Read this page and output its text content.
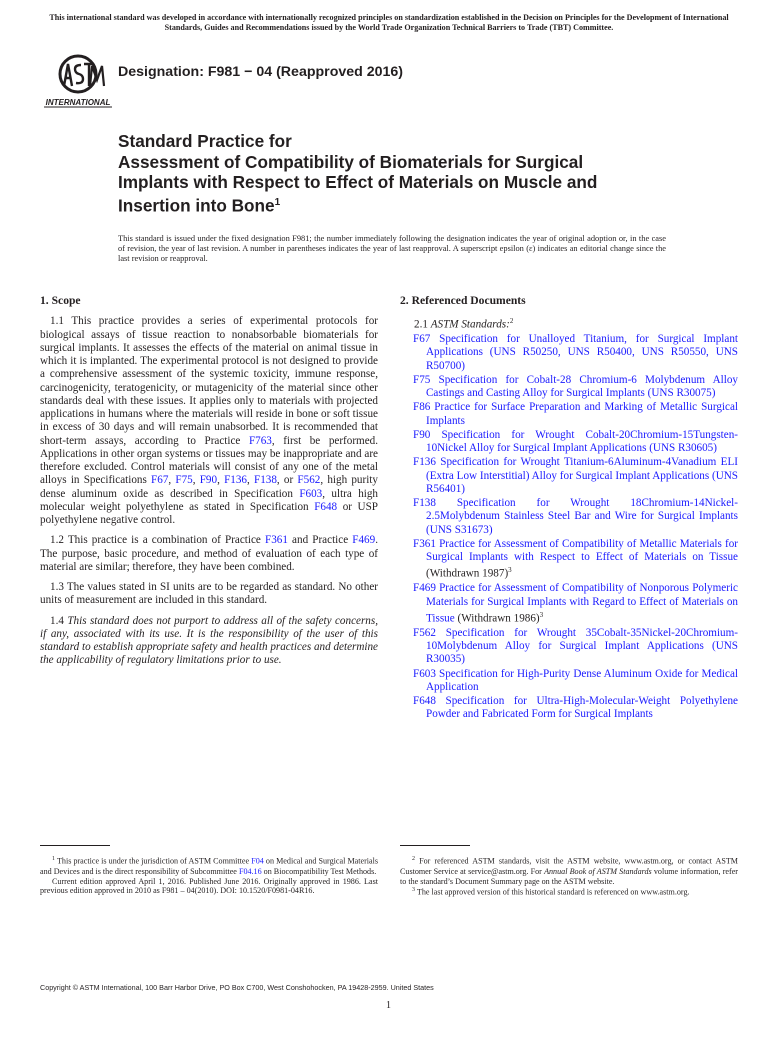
This international standard was developed in accordance with internationally recognized principles on standardization established in the Decision on Principles for the Development of International Standards, Guides and Recommendations issued by the World Trade Organization Technical Barriers to Trade (TBT) Committee.
INTERNATIONAL
Designation: F981 − 04 (Reapproved 2016)
Standard Practice for
Assessment of Compatibility of Biomaterials for Surgical
Implants with Respect to Effect of Materials on Muscle and
Insertion into Bone$^1$
This standard is issued under the fixed designation F981; the number immediately following the designation indicates the year of original adoption or, in the case of revision, the year of last revision. A number in parentheses indicates the year of last reapproval. A superscript epsilon (ε) indicates an editorial change since the last revision or reapproval.
1. Scope

1.1 This practice provides a series of experimental protocols for biological assays of tissue reaction to nonabsorbable biomaterials for surgical implants. It assesses the effects of the material on animal tissue in which it is implanted. The experimental protocol is not designed to provide a comprehensive assessment of the systemic toxicity, immune response, carcinogenicity, teratogenicity, or mutagenicity of the material since other standards deal with these issues. It applies only to materials with projected applications in humans where the materials will reside in bone or soft tissue in excess of 30 days and will remain unabsorbed. It is recommended that short-term assays, according to Practice F763, first be performed. Applications in other organ systems or tissues may be inappropriate and are therefore excluded. Control materials will consist of any one of the metal alloys in Specifications F67, F75, F90, F136, F138, or F562, high purity dense aluminum oxide as described in Specification F603, ultra high molecular weight polyethylene as stated in Specification F648 or USP polyethylene negative control.

1.2 This practice is a combination of Practice F361 and Practice F469. The purpose, basic procedure, and method of evaluation of each type of material are similar; therefore, they have been combined.

1.3 The values stated in SI units are to be regarded as standard. No other units of measurement are included in this standard.

1.4 This standard does not purport to address all of the safety concerns, if any, associated with its use. It is the responsibility of the user of this standard to establish appropriate safety and health practices and determine the applicability of regulatory limitations prior to use.

2. Referenced Documents
2.1 ASTM Standards:$^2$
F67 Specification for Unalloyed Titanium, for Surgical Implant Applications (UNS R50250, UNS R50400, UNS R50550, UNS R50700)
F75 Specification for Cobalt-28 Chromium-6 Molybdenum Alloy Castings and Casting Alloy for Surgical Implants (UNS R30075)
F86 Practice for Surface Preparation and Marking of Metallic Surgical Implants
F90 Specification for Wrought Cobalt-20Chromium-15Tungsten-10Nickel Alloy for Surgical Implant Applications (UNS R30605)
F136 Specification for Wrought Titanium-6Aluminum-4Vanadium ELI (Extra Low Interstitial) Alloy for Surgical Implant Applications (UNS R56401)
F138 Specification for Wrought 18Chromium-14Nickel-2.5Molybdenum Stainless Steel Bar and Wire for Surgical Implants (UNS S31673)
F361 Practice for Assessment of Compatibility of Metallic Materials for Surgical Implants with Respect to Effect of Materials on Tissue (Withdrawn 1987)$^3$
F469 Practice for Assessment of Compatibility of Nonporous Polymeric Materials for Surgical Implants with Regard to Effect of Materials on Tissue (Withdrawn 1986)$^3$
F562 Specification for Wrought 35Cobalt-35Nickel-20Chromium-10Molybdenum Alloy for Surgical Implant Applications (UNS R30035)
F603 Specification for High-Purity Dense Aluminum Oxide for Medical Application
F648 Specification for Ultra-High-Molecular-Weight Polyethylene Powder and Fabricated Form for Surgical Implants

$^1$ This practice is under the jurisdiction of ASTM Committee F04 on Medical and Surgical Materials and Devices and is the direct responsibility of Subcommittee F04.16 on Biocompatibility Test Methods.

Current edition approved April 1, 2016. Published June 2016. Originally approved in 1986. Last previous edition approved in 2010 as F981 – 04(2010). DOI: 10.1520/F0981-04R16.

$^2$ For referenced ASTM standards, visit the ASTM website, www.astm.org, or contact ASTM Customer Service at service@astm.org. For Annual Book of ASTM Standards volume information, refer to the standard’s Document Summary page on the ASTM website.

$^3$ The last approved version of this historical standard is referenced on www.astm.org.

Copyright © ASTM International, 100 Barr Harbor Drive, PO Box C700, West Conshohocken, PA 19428-2959. United States
1
